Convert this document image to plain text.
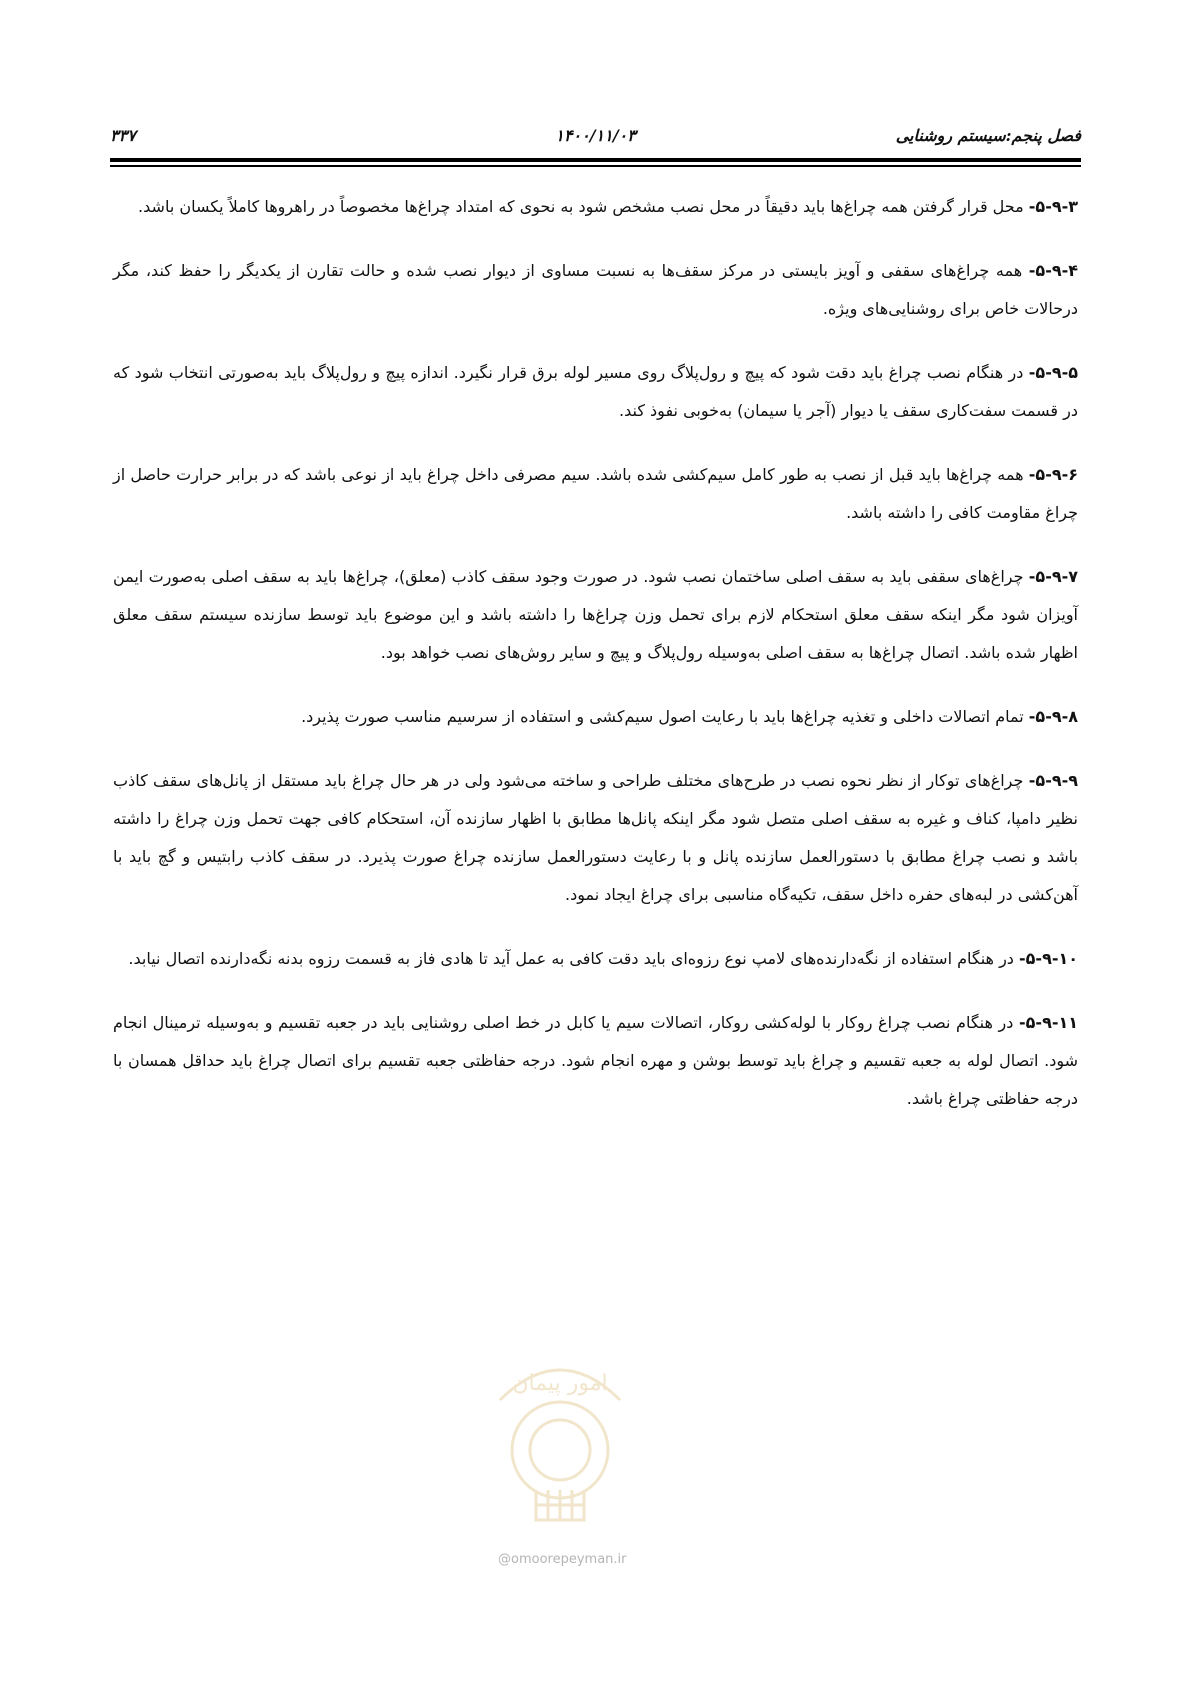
فصل پنجم:سیستم روشنایی
۱۴۰۰/۱۱/۰۳
۳۳۷

۵-۹-۳- محل قرار گرفتن همه چراغ‌ها باید دقیقاً در محل نصب مشخص شود به نحوی که امتداد چراغ‌ها مخصوصاً در راهروها کاملاً یکسان باشد.

۵-۹-۴- همه چراغ‌های سقفی و آویز بایستی در مرکز سقف‌ها به نسبت مساوی از دیوار نصب شده و حالت تقارن از یکدیگر را حفظ کند، مگر درحالات خاص برای روشنایی‌های ویژه.

۵-۹-۵- در هنگام نصب چراغ باید دقت شود که پیچ و رول‌پلاگ روی مسیر لوله برق قرار نگیرد. اندازه پیچ و رول‌پلاگ باید به‌صورتی انتخاب شود که در قسمت سفت‌کاری سقف یا دیوار (آجر یا سیمان) به‌خوبی نفوذ کند.

۵-۹-۶- همه چراغ‌ها باید قبل از نصب به طور کامل سیم‌کشی شده باشد. سیم مصرفی داخل چراغ باید از نوعی باشد که در برابر حرارت حاصل از چراغ مقاومت کافی را داشته باشد.

۵-۹-۷- چراغ‌های سقفی باید به سقف اصلی ساختمان نصب شود. در صورت وجود سقف کاذب (معلق)، چراغ‌ها باید به سقف اصلی به‌صورت ایمن آویزان شود مگر اینکه سقف معلق استحکام لازم برای تحمل وزن چراغ‌ها را داشته باشد و این موضوع باید توسط سازنده سیستم سقف معلق اظهار شده باشد. اتصال چراغ‌ها به سقف اصلی به‌وسیله رول‌پلاگ و پیچ و سایر روش‌های نصب خواهد بود.

۵-۹-۸- تمام اتصالات داخلی و تغذیه چراغ‌ها باید با رعایت اصول سیم‌کشی و استفاده از سرسیم مناسب صورت پذیرد.

۵-۹-۹- چراغ‌های توکار از نظر نحوه نصب در طرح‌های مختلف طراحی و ساخته می‌شود ولی در هر حال چراغ باید مستقل از پانل‌های سقف کاذب نظیر دامپا، کناف و غیره به سقف اصلی متصل شود مگر اینکه پانل‌ها مطابق با اظهار سازنده آن، استحکام کافی جهت تحمل وزن چراغ را داشته باشد و نصب چراغ مطابق با دستورالعمل سازنده پانل و با رعایت دستورالعمل سازنده چراغ صورت پذیرد. در سقف کاذب رابتیس و گچ باید با آهن‌کشی در لبه‌های حفره داخل سقف، تکیه‌گاه مناسبی برای چراغ ایجاد نمود.

۵-۹-۱۰- در هنگام استفاده از نگه‌دارنده‌های لامپ نوع رزوه‌ای باید دقت کافی به عمل آید تا هادی فاز به قسمت رزوه بدنه نگه‌دارنده اتصال نیابد.

۵-۹-۱۱- در هنگام نصب چراغ روکار با لوله‌کشی روکار، اتصالات سیم یا کابل در خط اصلی روشنایی باید در جعبه تقسیم و به‌وسیله ترمینال انجام شود. اتصال لوله به جعبه تقسیم و چراغ باید توسط بوشن و مهره انجام شود. درجه حفاظتی جعبه تقسیم برای اتصال چراغ باید حداقل همسان با درجه حفاظتی چراغ باشد.

امور پیمان
@omoorepeyman.ir
